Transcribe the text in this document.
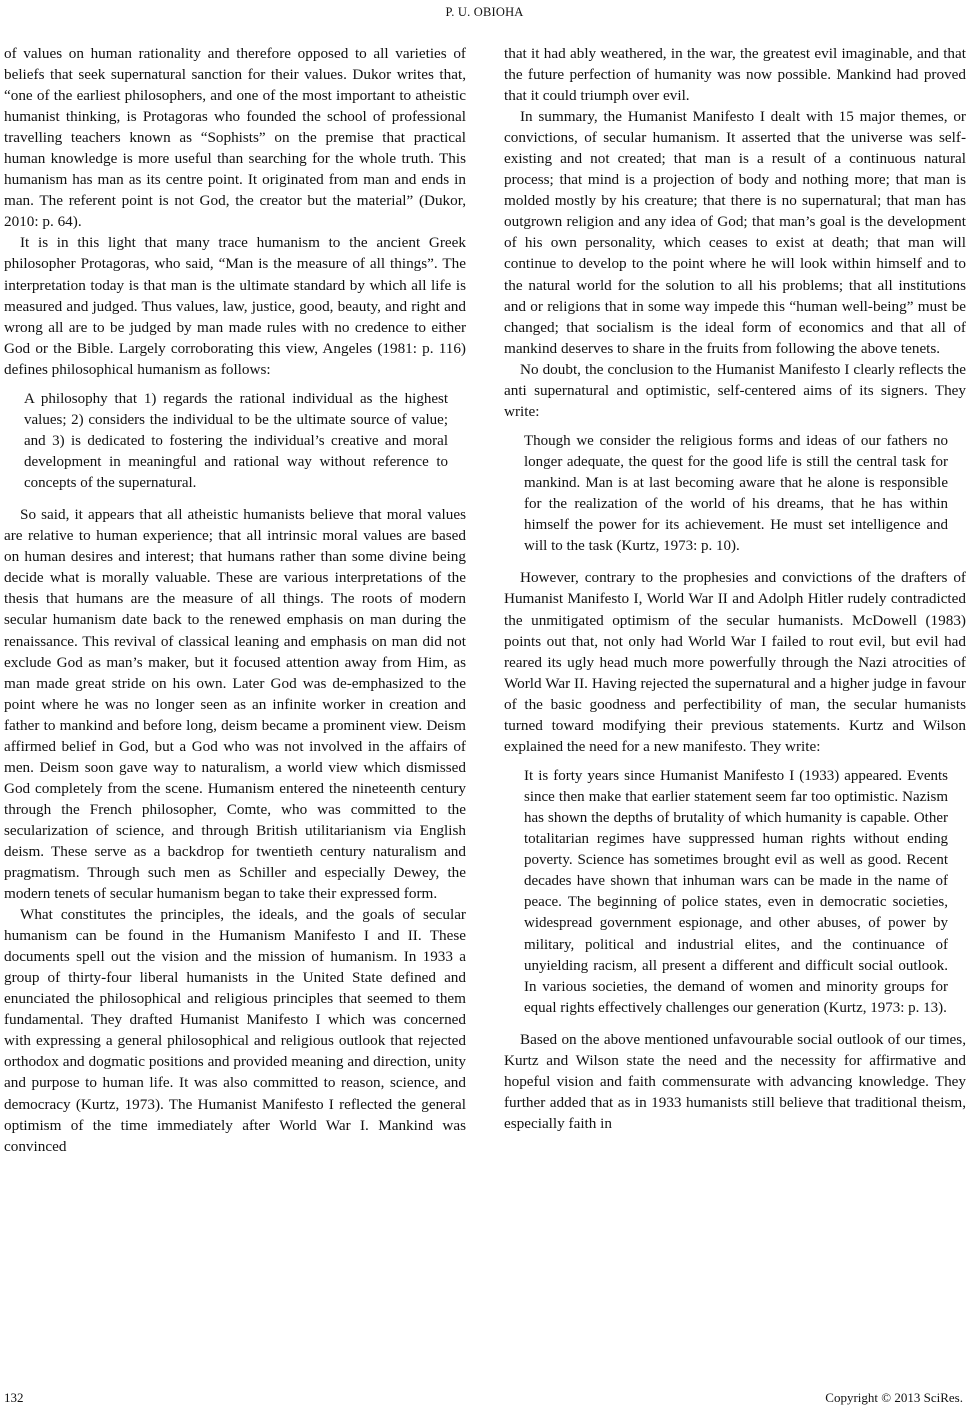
P. U. OBIOHA

of values on human rationality and therefore opposed to all varieties of beliefs that seek supernatural sanction for their values. Dukor writes that, “one of the earliest philosophers, and one of the most important to atheistic humanist thinking, is Protagoras who founded the school of professional travelling teachers known as “Sophists” on the premise that practical human knowledge is more useful than searching for the whole truth. This humanism has man as its centre point. It originated from man and ends in man. The referent point is not God, the creator but the material” (Dukor, 2010: p. 64).

It is in this light that many trace humanism to the ancient Greek philosopher Protagoras, who said, “Man is the measure of all things”. The interpretation today is that man is the ultimate standard by which all life is measured and judged. Thus values, law, justice, good, beauty, and right and wrong all are to be judged by man made rules with no credence to either God or the Bible. Largely corroborating this view, Angeles (1981: p. 116) defines philosophical humanism as follows:

A philosophy that 1) regards the rational individual as the highest values; 2) considers the individual to be the ultimate source of value; and 3) is dedicated to fostering the individual’s creative and moral development in meaningful and rational way without reference to concepts of the supernatural.

So said, it appears that all atheistic humanists believe that moral values are relative to human experience; that all intrinsic moral values are based on human desires and interest; that humans rather than some divine being decide what is morally valuable. These are various interpretations of the thesis that humans are the measure of all things. The roots of modern secular humanism date back to the renewed emphasis on man during the renaissance. This revival of classical leaning and emphasis on man did not exclude God as man’s maker, but it focused attention away from Him, as man made great stride on his own. Later God was de-emphasized to the point where he was no longer seen as an infinite worker in creation and father to mankind and before long, deism became a prominent view. Deism affirmed belief in God, but a God who was not involved in the affairs of men. Deism soon gave way to naturalism, a world view which dismissed God completely from the scene. Humanism entered the nineteenth century through the French philosopher, Comte, who was committed to the secularization of science, and through British utilitarianism via English deism. These serve as a backdrop for twentieth century naturalism and pragmatism. Through such men as Schiller and especially Dewey, the modern tenets of secular humanism began to take their expressed form.

What constitutes the principles, the ideals, and the goals of secular humanism can be found in the Humanism Manifesto I and II. These documents spell out the vision and the mission of humanism. In 1933 a group of thirty-four liberal humanists in the United State defined and enunciated the philosophical and religious principles that seemed to them fundamental. They drafted Humanist Manifesto I which was concerned with expressing a general philosophical and religious outlook that rejected orthodox and dogmatic positions and provided meaning and direction, unity and purpose to human life. It was also committed to reason, science, and democracy (Kurtz, 1973). The Humanist Manifesto I reflected the general optimism of the time immediately after World War I. Mankind was convinced

that it had ably weathered, in the war, the greatest evil imaginable, and that the future perfection of humanity was now possible. Mankind had proved that it could triumph over evil.

In summary, the Humanist Manifesto I dealt with 15 major themes, or convictions, of secular humanism. It asserted that the universe was self-existing and not created; that man is a result of a continuous natural process; that mind is a projection of body and nothing more; that man is molded mostly by his creature; that there is no supernatural; that man has outgrown religion and any idea of God; that man’s goal is the development of his own personality, which ceases to exist at death; that man will continue to develop to the point where he will look within himself and to the natural world for the solution to all his problems; that all institutions and or religions that in some way impede this “human well-being” must be changed; that socialism is the ideal form of economics and that all of mankind deserves to share in the fruits from following the above tenets.

No doubt, the conclusion to the Humanist Manifesto I clearly reflects the anti supernatural and optimistic, self-centered aims of its signers. They write:

Though we consider the religious forms and ideas of our fathers no longer adequate, the quest for the good life is still the central task for mankind. Man is at last becoming aware that he alone is responsible for the realization of the world of his dreams, that he has within himself the power for its achievement. He must set intelligence and will to the task (Kurtz, 1973: p. 10).

However, contrary to the prophesies and convictions of the drafters of Humanist Manifesto I, World War II and Adolph Hitler rudely contradicted the unmitigated optimism of the secular humanists. McDowell (1983) points out that, not only had World War I failed to rout evil, but evil had reared its ugly head much more powerfully through the Nazi atrocities of World War II. Having rejected the supernatural and a higher judge in favour of the basic goodness and perfectibility of man, the secular humanists turned toward modifying their previous statements. Kurtz and Wilson explained the need for a new manifesto. They write:

It is forty years since Humanist Manifesto I (1933) appeared. Events since then make that earlier statement seem far too optimistic. Nazism has shown the depths of brutality of which humanity is capable. Other totalitarian regimes have suppressed human rights without ending poverty. Science has sometimes brought evil as well as good. Recent decades have shown that inhuman wars can be made in the name of peace. The beginning of police states, even in democratic societies, widespread government espionage, and other abuses, of power by military, political and industrial elites, and the continuance of unyielding racism, all present a different and difficult social outlook. In various societies, the demand of women and minority groups for equal rights effectively challenges our generation (Kurtz, 1973: p. 13).

Based on the above mentioned unfavourable social outlook of our times, Kurtz and Wilson state the need and the necessity for affirmative and hopeful vision and faith commensurate with advancing knowledge. They further added that as in 1933 humanists still believe that traditional theism, especially faith in

132	Copyright © 2013 SciRes.
